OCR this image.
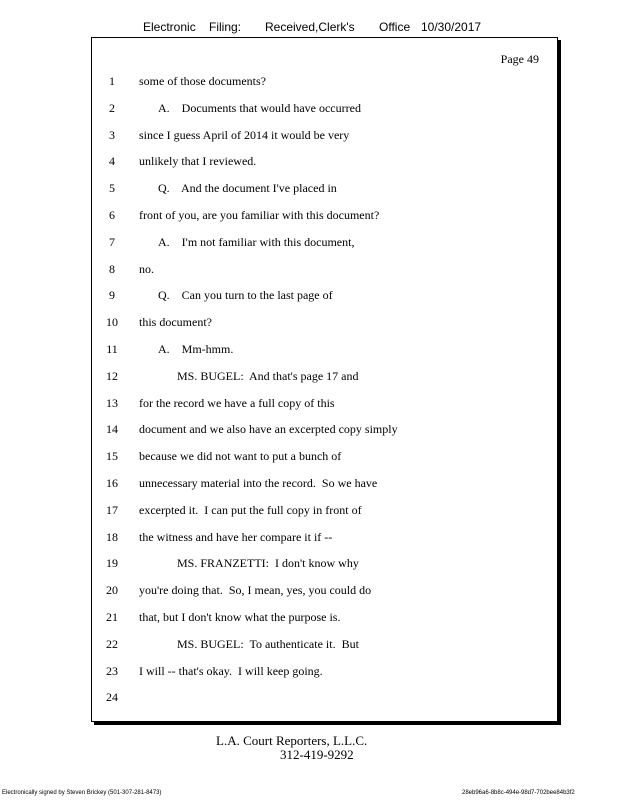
Electronic Filing: Received,Clerk's Office 10/30/2017
Page 49
1	some of those documents?
2	A.    Documents that would have occurred
3	since I guess April of 2014 it would be very
4	unlikely that I reviewed.
5	Q.    And the document I've placed in
6	front of you, are you familiar with this document?
7	A.    I'm not familiar with this document,
8	no.
9	Q.    Can you turn to the last page of
10	this document?
11	A.    Mm-hmm.
12	MS. BUGEL:  And that's page 17 and
13	for the record we have a full copy of this
14	document and we also have an excerpted copy simply
15	because we did not want to put a bunch of
16	unnecessary material into the record.  So we have
17	excerpted it.  I can put the full copy in front of
18	the witness and have her compare it if --
19	MS. FRANZETTI:  I don't know why
20	you're doing that.  So, I mean, yes, you could do
21	that, but I don't know what the purpose is.
22	MS. BUGEL:  To authenticate it.  But
23	I will -- that's okay.  I will keep going.
24
L.A. Court Reporters, L.L.C.
312-419-9292
Electronically signed by Steven Brickey (501-307-281-8473)	28eb96a6-8b8c-494e-98d7-702bee84b3f2
